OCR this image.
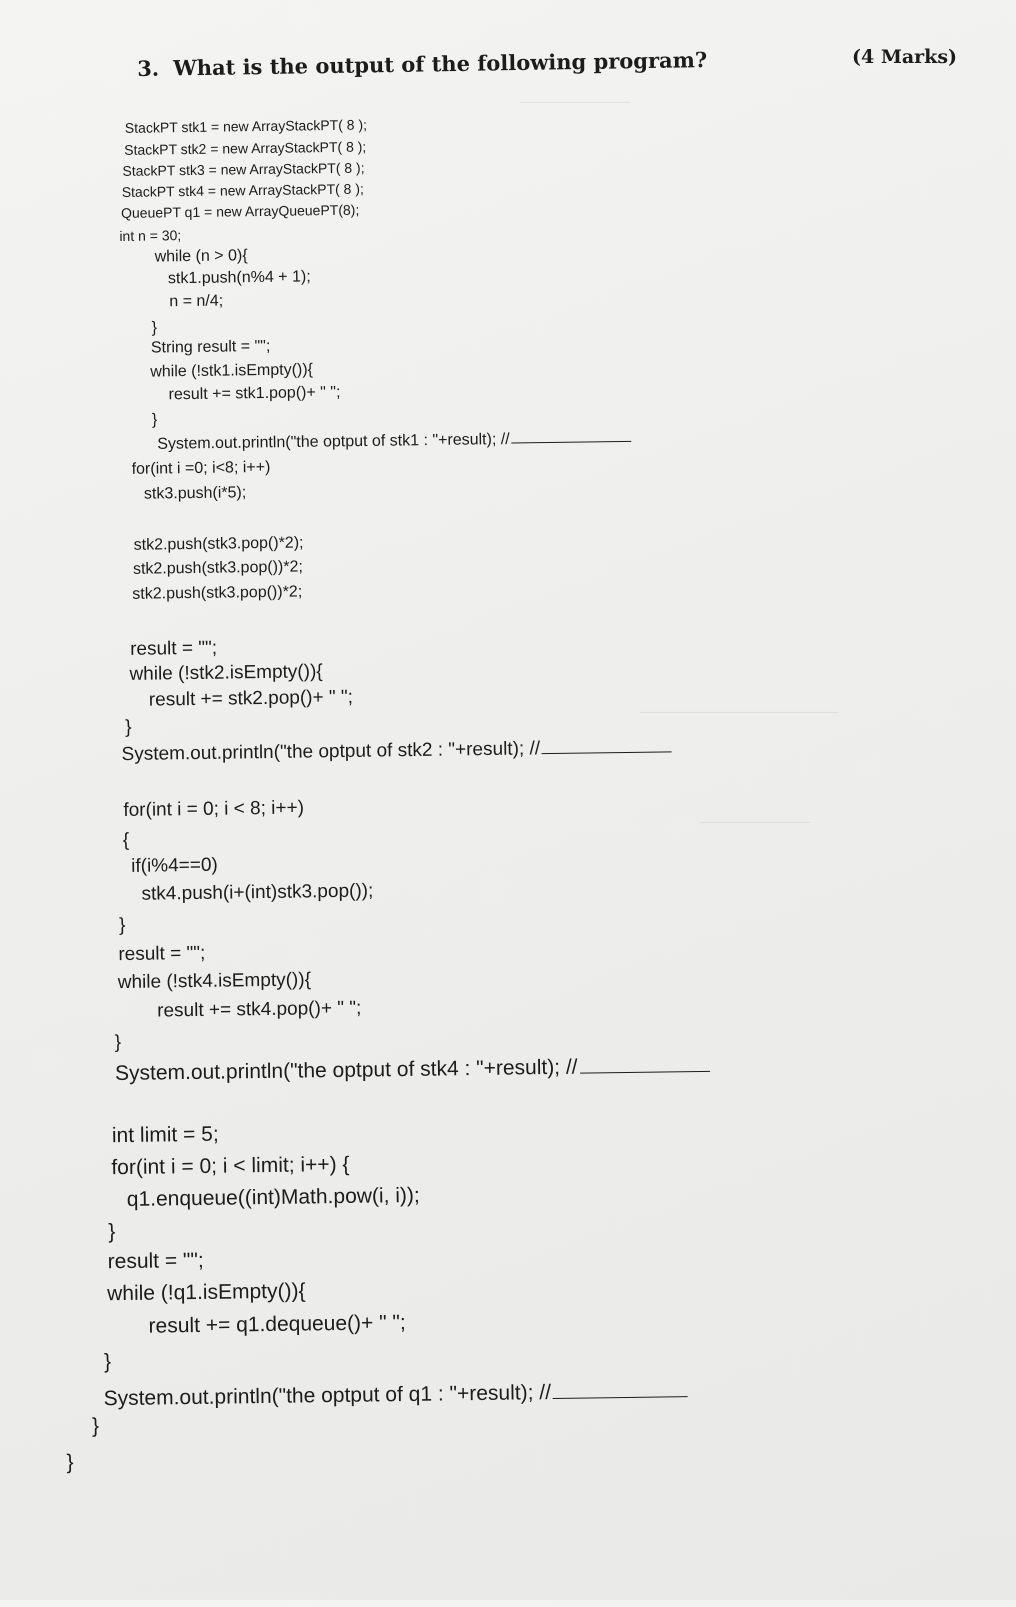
__________
__________________
__________
3. What is the output of the following program?	(4 Marks)
StackPT stk1 = new ArrayStackPT( 8 );
StackPT stk2 = new ArrayStackPT( 8 );
StackPT stk3 = new ArrayStackPT( 8 );
StackPT stk4 = new ArrayStackPT( 8 );
QueuePT q1 = new ArrayQueuePT(8);
int n = 30;
while (n > 0){
stk1.push(n%4 + 1);
n = n/4;
}
String result = "";
while (!stk1.isEmpty()){
result += stk1.pop()+ " ";
}
System.out.println("the optput of stk1 : "+result); //
for(int i =0; i<8; i++)
stk3.push(i*5);
stk2.push(stk3.pop()*2);
stk2.push(stk3.pop())*2;
stk2.push(stk3.pop())*2;
result = "";
while (!stk2.isEmpty()){
result += stk2.pop()+ " ";
}
System.out.println("the optput of stk2 : "+result); //
for(int i = 0; i < 8; i++)
{
if(i%4==0)
stk4.push(i+(int)stk3.pop());
}
result = "";
while (!stk4.isEmpty()){
result += stk4.pop()+ " ";
}
System.out.println("the optput of stk4 : "+result); //
int limit = 5;
for(int i = 0; i < limit; i++) {
q1.enqueue((int)Math.pow(i, i));
}
result = "";
while (!q1.isEmpty()){
result += q1.dequeue()+ " ";
}
System.out.println("the optput of q1 : "+result); //
}
}
